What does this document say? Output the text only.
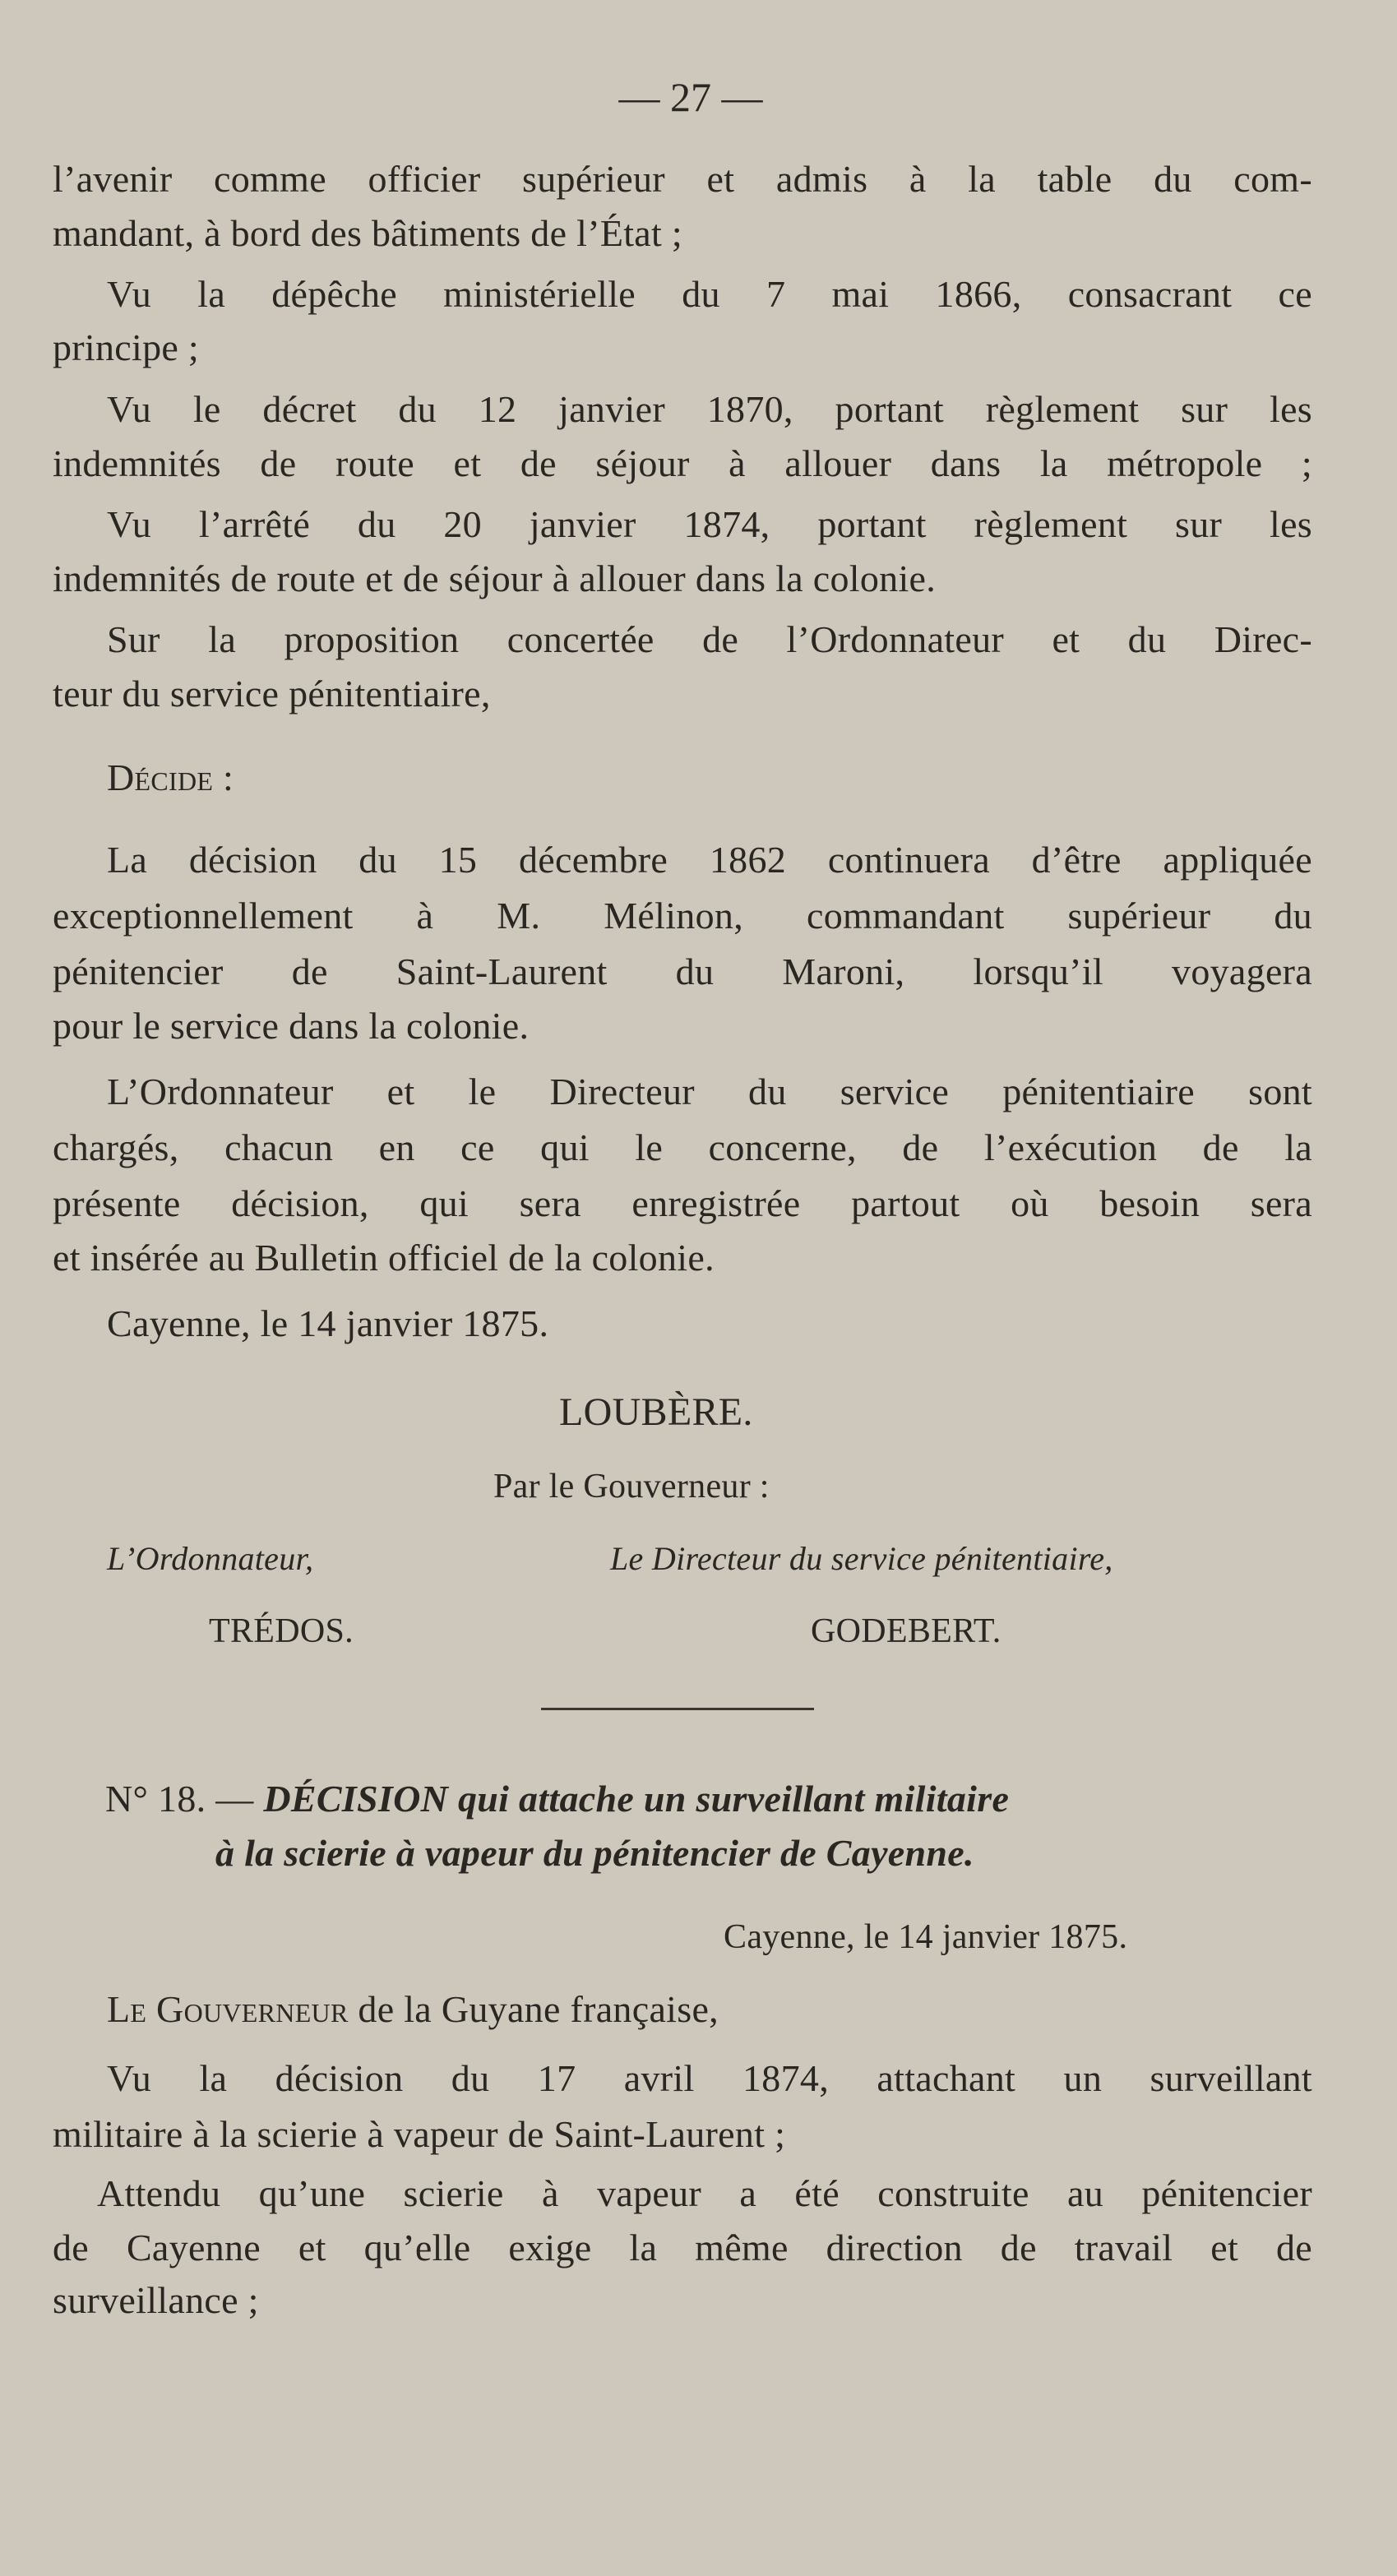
— 27 —

l’avenir comme officier supérieur et admis à la table du com-

mandant, à bord des bâtiments de l’État ;

Vu la dépêche ministérielle du 7 mai 1866, consacrant ce

principe ;

Vu le décret du 12 janvier 1870, portant règlement sur les

indemnités de route et de séjour à allouer dans la métropole ;

Vu l’arrêté du 20 janvier 1874, portant règlement sur les

indemnités de route et de séjour à allouer dans la colonie.

Sur la proposition concertée de l’Ordonnateur et du Direc-

teur du service pénitentiaire,

Décide :

La décision du 15 décembre 1862 continuera d’être appliquée

exceptionnellement à M. Mélinon, commandant supérieur du

pénitencier de Saint-Laurent du Maroni, lorsqu’il voyagera

pour le service dans la colonie.

L’Ordonnateur et le Directeur du service pénitentiaire sont

chargés, chacun en ce qui le concerne, de l’exécution de la

présente décision, qui sera enregistrée partout où besoin sera

et insérée au Bulletin officiel de la colonie.

Cayenne, le 14 janvier 1875.

LOUBÈRE.

Par le Gouverneur :

L’Ordonnateur,	Le Directeur du service pénitentiaire,

TRÉDOS.	GODEBERT.

N° 18. — DÉCISION qui attache un surveillant militaire

à la scierie à vapeur du pénitencier de Cayenne.

Cayenne, le 14 janvier 1875.

Le Gouverneur de la Guyane française,

Vu la décision du 17 avril 1874, attachant un surveillant

militaire à la scierie à vapeur de Saint-Laurent ;

Attendu qu’une scierie à vapeur a été construite au pénitencier

de Cayenne et qu’elle exige la même direction de travail et de

surveillance ;
